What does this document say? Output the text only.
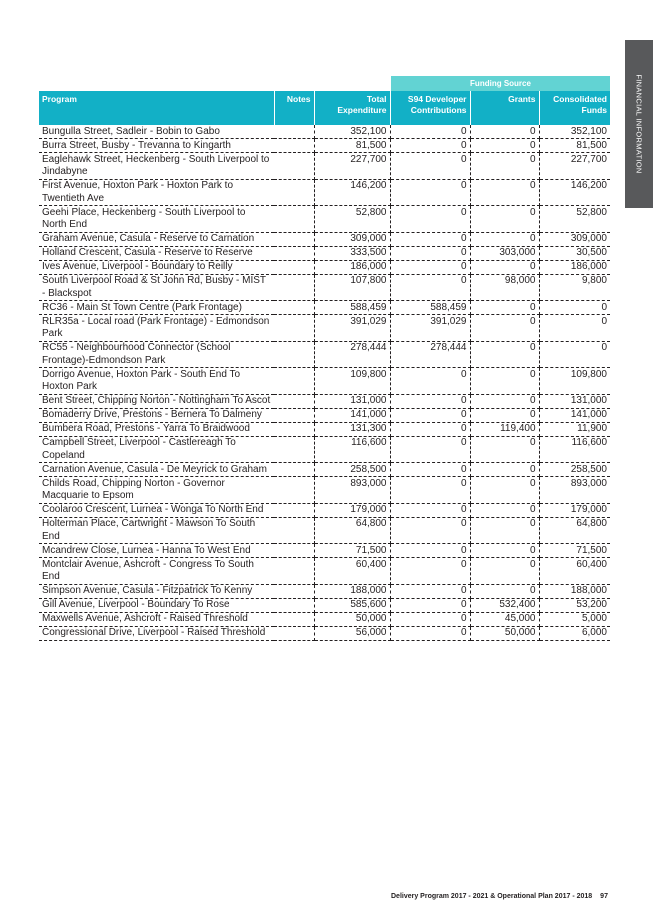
FINANCIAL INFORMATION
Funding Source
Program	Notes	Total Expenditure	S94 Developer Contributions	Grants	Consolidated Funds
Bungulla Street, Sadleir - Bobin to Gabo		352,100	0	0	352,100
Burra Street, Busby - Trevanna to Kingarth		81,500	0	0	81,500
Eaglehawk Street, Heckenberg - South Liverpool to Jindabyne		227,700	0	0	227,700
First Avenue, Hoxton Park - Hoxton Park to Twentieth Ave		146,200	0	0	146,200
Geehi Place, Heckenberg - South Liverpool to North End		52,800	0	0	52,800
Graham Avenue, Casula - Reserve to Carnation		309,000	0	0	309,000
Holland Crescent, Casula - Reserve to Reserve		333,500	0	303,000	30,500
Ives Avenue, Liverpool - Boundary to Reilly		186,000	0	0	186,000
South Liverpool Road & St John Rd, Busby - MIST - Blackspot		107,800	0	98,000	9,800
RC36 - Main St Town Centre (Park Frontage)		588,459	588,459	0	0
RLR35a - Local road (Park Frontage) - Edmondson Park		391,029	391,029	0	0
RC55 - Neighbourhood Connector (School Frontage)-Edmondson Park		278,444	278,444	0	0
Dorrigo Avenue, Hoxton Park - South End To Hoxton Park		109,800	0	0	109,800
Bent Street, Chipping Norton - Nottingham To Ascot		131,000	0	0	131,000
Bomaderry Drive, Prestons - Bernera To Dalmeny		141,000	0	0	141,000
Bumbera Road, Prestons - Yarra To Braidwood		131,300	0	119,400	11,900
Campbell Street, Liverpool - Castlereagh To Copeland		116,600	0	0	116,600
Carnation Avenue, Casula - De Meyrick to Graham		258,500	0	0	258,500
Childs Road, Chipping Norton - Governor Macquarie to Epsom		893,000	0	0	893,000
Coolaroo Crescent, Lurnea - Wonga To North End		179,000	0	0	179,000
Holterman Place, Cartwright - Mawson To South End		64,800	0	0	64,800
Mcandrew Close, Lurnea - Hanna To West End		71,500	0	0	71,500
Montclair Avenue, Ashcroft - Congress To South End		60,400	0	0	60,400
Simpson Avenue, Casula - Fitzpatrick To Kenny		188,000	0	0	188,000
Gill Avenue, Liverpool - Boundary To Rose		585,600	0	532,400	53,200
Maxwells Avenue, Ashcroft - Raised Threshold		50,000	0	45,000	5,000
Congressional Drive, Liverpool - Raised Threshold		56,000	0	50,000	6,000
Delivery Program 2017 - 2021 & Operational Plan 2017 - 2018 97
